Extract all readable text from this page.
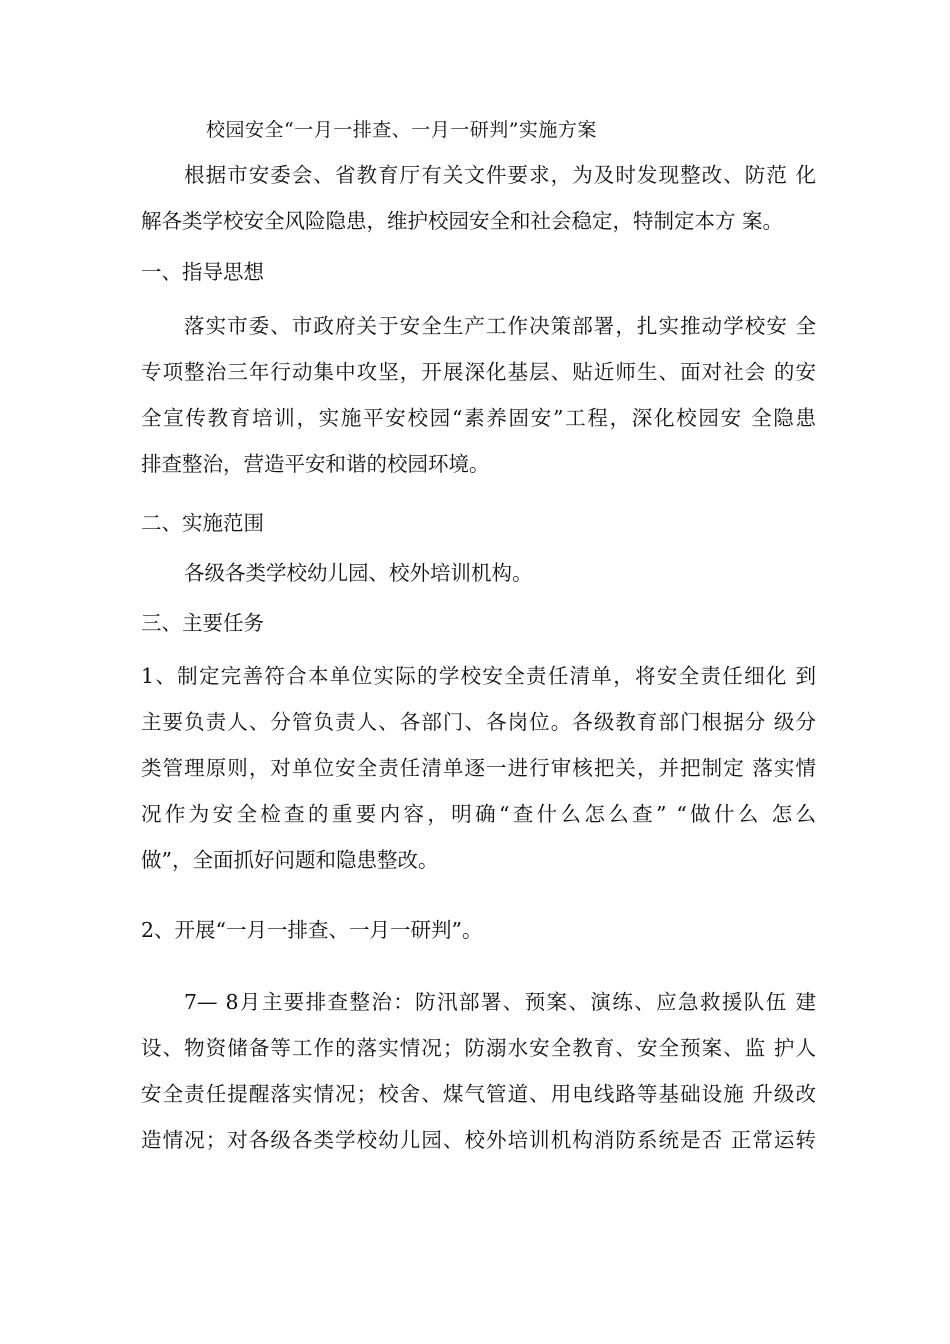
校园安全“一月一排查、一月一研判”实施方案
根据市安委会、省教育厅有关文件要求，为及时发现整改、防范 化
解各类学校安全风险隐患，维护校园安全和社会稳定，特制定本方 案。
一、指导思想
落实市委、市政府关于安全生产工作决策部署，扎实推动学校安 全
专项整治三年行动集中攻坚，开展深化基层、贴近师生、面对社会 的安
全宣传教育培训，实施平安校园“素养固安”工程，深化校园安 全隐患
排查整治，营造平安和谐的校园环境。
二、实施范围
各级各类学校幼儿园、校外培训机构。
三、主要任务
1、制定完善符合本单位实际的学校安全责任清单，将安全责任细化 到
主要负责人、分管负责人、各部门、各岗位。各级教育部门根据分 级分
类管理原则，对单位安全责任清单逐一进行审核把关，并把制定 落实情
况作为安全检查的重要内容，明确“查什么怎么查” “做什么 怎么
做”，全面抓好问题和隐患整改。
2、开展“一月一排查、一月一研判”。
7— 8月主要排查整治：防汛部署、预案、演练、应急救援队伍 建
设、物资储备等工作的落实情况；防溺水安全教育、安全预案、监 护人
安全责任提醒落实情况；校舍、煤气管道、用电线路等基础设施 升级改
造情况；对各级各类学校幼儿园、校外培训机构消防系统是否 正常运转
